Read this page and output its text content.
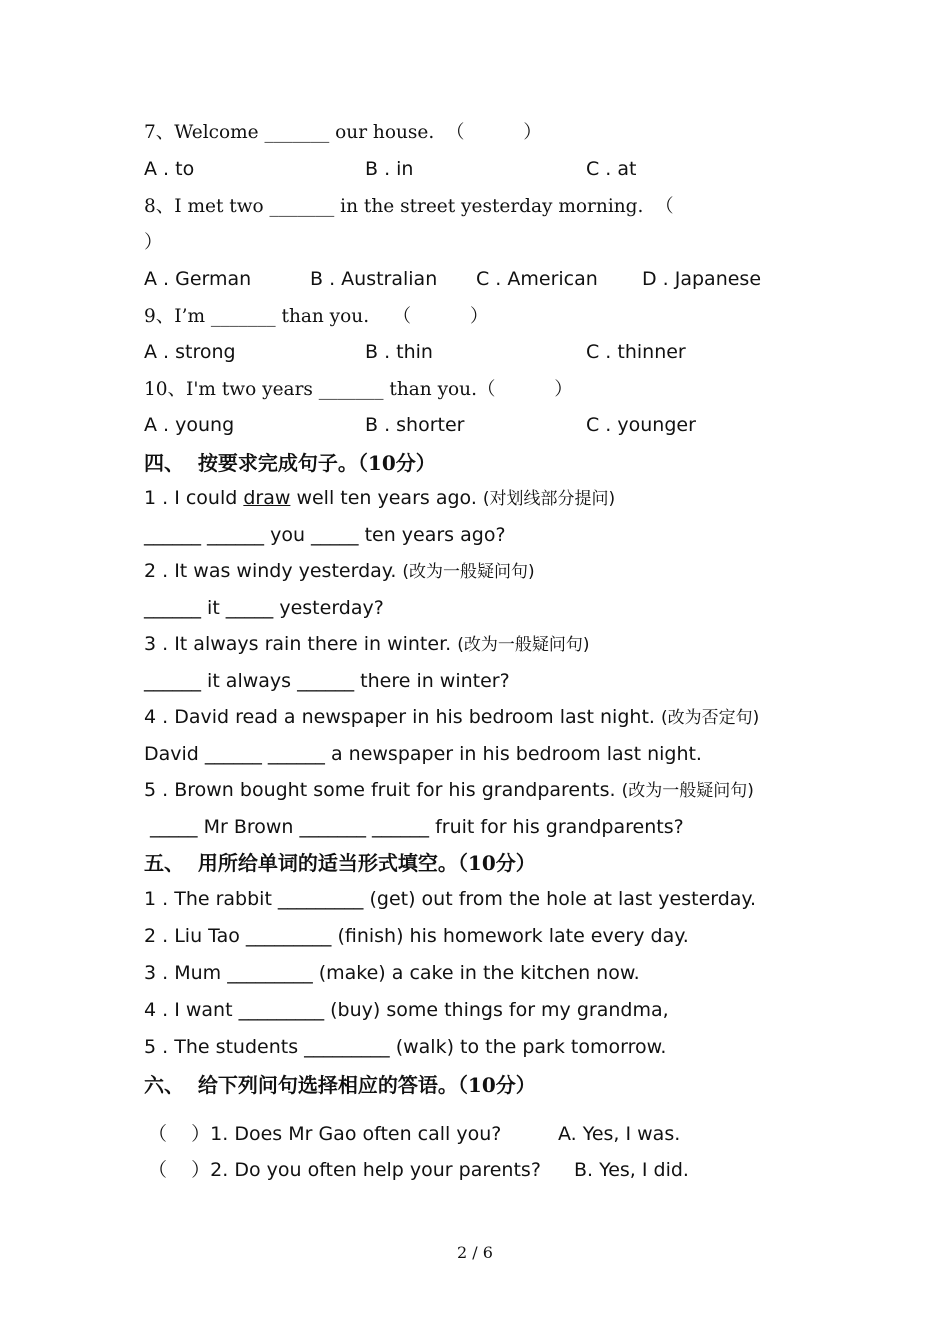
7、Welcome _______ our house.  （          ）
A . to	B . in	C . at
8、I met two _______ in the street yesterday morning.  （
）
A . German	B . Australian C . American D . Japanese
9、I’m _______ than you.    （          ）
A . strong	B . thin	C . thinner
10、I'm two years _______ than you.（          ）
A . young	B . shorter	C . younger
四、  按要求完成句子。（10分）
1 . I could draw well ten years ago. (对划线部分提问)
______ ______ you _____ ten years ago?
2 . It was windy yesterday. (改为一般疑问句)
______ it _____ yesterday?
3 . It always rain there in winter. (改为一般疑问句)
______ it always ______ there in winter?
4 . David read a newspaper in his bedroom last night. (改为否定句)
David ______ ______ a newspaper in his bedroom last night.
5 . Brown bought some fruit for his grandparents. (改为一般疑问句)
_____ Mr Brown _______ ______ fruit for his grandparents?
五、  用所给单词的适当形式填空。（10分）
1 . The rabbit _________ (get) out from the hole at last yesterday.
2 . Liu Tao _________ (finish) his homework late every day.
3 . Mum _________ (make) a cake in the kitchen now.
4 . I want _________ (buy) some things for my grandma,
5 . The students _________ (walk) to the park tomorrow.
六、  给下列问句选择相应的答语。（10分）
（    ）1. Does Mr Gao often call you?	A. Yes, I was.
（    ）2. Do you often help your parents? B. Yes, I did.
2 / 6
